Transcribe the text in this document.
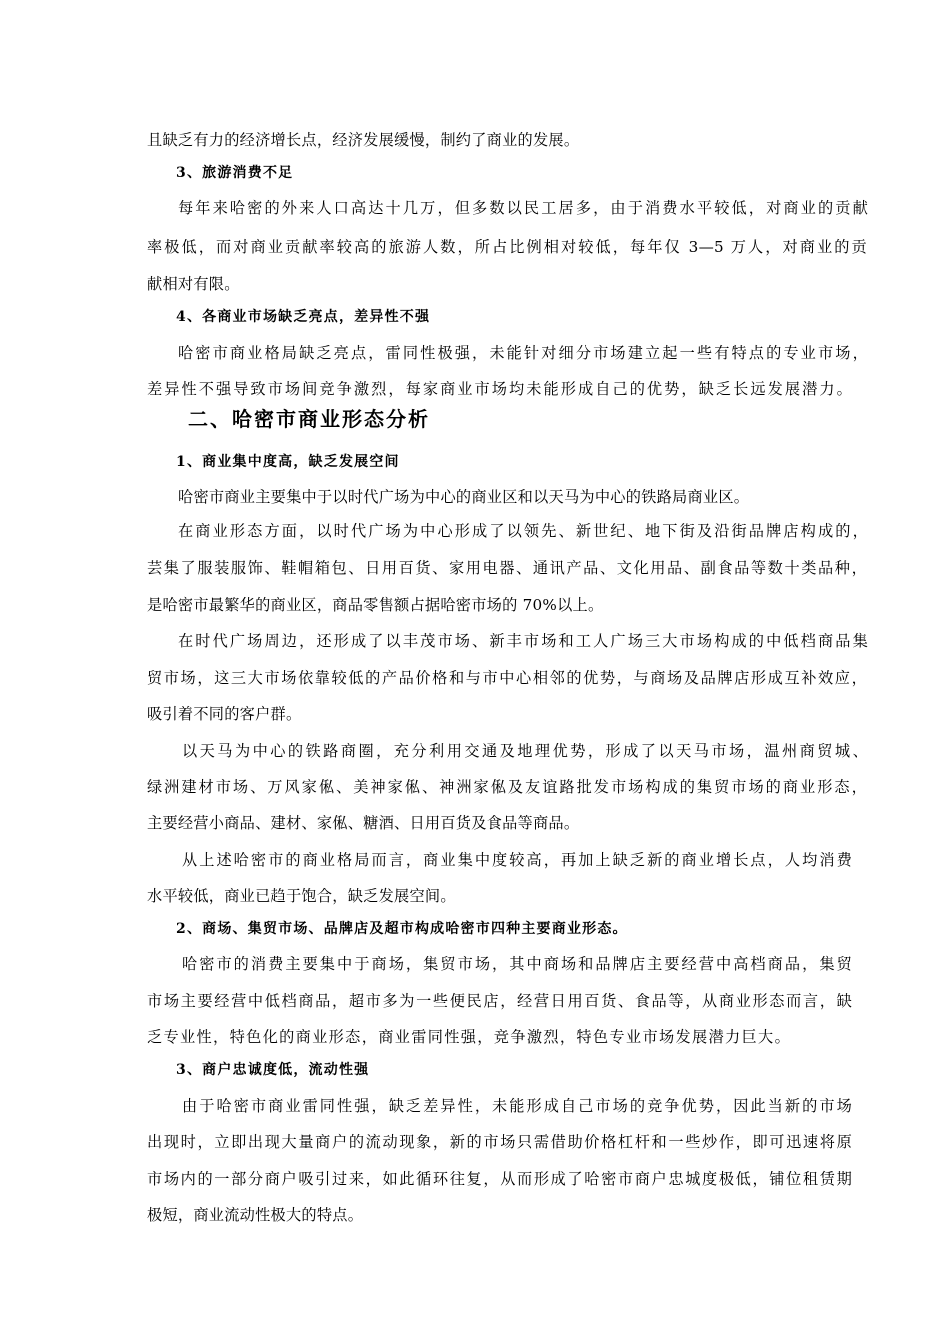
且缺乏有力的经济增长点，经济发展缓慢，制约了商业的发展。

3、旅游消费不足

每年来哈密的外来人口高达十几万，但多数以民工居多，由于消费水平较低，对商业的贡献

率极低，而对商业贡献率较高的旅游人数，所占比例相对较低，每年仅 3—5 万人，对商业的贡

献相对有限。

4、各商业市场缺乏亮点，差异性不强

哈密市商业格局缺乏亮点，雷同性极强，未能针对细分市场建立起一些有特点的专业市场，

差异性不强导致市场间竞争激烈，每家商业市场均未能形成自己的优势，缺乏长远发展潜力。

二、哈密市商业形态分析

1、商业集中度高，缺乏发展空间

哈密市商业主要集中于以时代广场为中心的商业区和以天马为中心的铁路局商业区。

在商业形态方面，以时代广场为中心形成了以领先、新世纪、地下街及沿街品牌店构成的，

芸集了服装服饰、鞋帽箱包、日用百货、家用电器、通讯产品、文化用品、副食品等数十类品种，

是哈密市最繁华的商业区，商品零售额占据哈密市场的 70%以上。

在时代广场周边，还形成了以丰茂市场、新丰市场和工人广场三大市场构成的中低档商品集

贸市场，这三大市场依靠较低的产品价格和与市中心相邻的优势，与商场及品牌店形成互补效应，

吸引着不同的客户群。

以天马为中心的铁路商圈，充分利用交通及地理优势，形成了以天马市场，温州商贸城、

绿洲建材市场、万风家俬、美神家俬、神洲家俬及友谊路批发市场构成的集贸市场的商业形态，

主要经营小商品、建材、家俬、糖酒、日用百货及食品等商品。

从上述哈密市的商业格局而言，商业集中度较高，再加上缺乏新的商业增长点，人均消费

水平较低，商业已趋于饱合，缺乏发展空间。

2、商场、集贸市场、品牌店及超市构成哈密市四种主要商业形态。

哈密市的消费主要集中于商场，集贸市场，其中商场和品牌店主要经营中高档商品，集贸

市场主要经营中低档商品，超市多为一些便民店，经营日用百货、食品等，从商业形态而言，缺

乏专业性，特色化的商业形态，商业雷同性强，竞争激烈，特色专业市场发展潜力巨大。

3、商户忠诚度低，流动性强

由于哈密市商业雷同性强，缺乏差异性，未能形成自己市场的竞争优势，因此当新的市场

出现时，立即出现大量商户的流动现象，新的市场只需借助价格杠杆和一些炒作，即可迅速将原

市场内的一部分商户吸引过来，如此循环往复，从而形成了哈密市商户忠城度极低，铺位租赁期

极短，商业流动性极大的特点。
